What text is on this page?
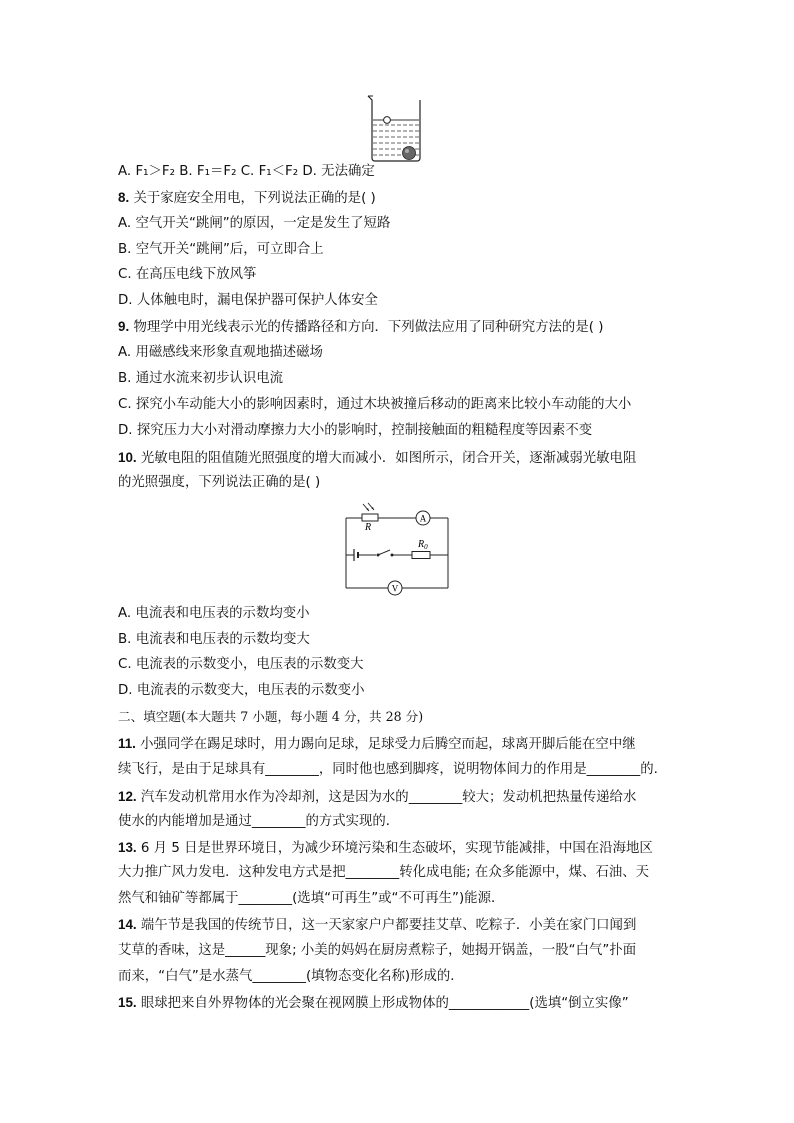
A. F₁＞F₂ B. F₁＝F₂ C. F₁＜F₂ D. 无法确定
8. 关于家庭安全用电，下列说法正确的是( )
A. 空气开关“跳闸”的原因，一定是发生了短路
B. 空气开关“跳闸”后，可立即合上
C. 在高压电线下放风筝
D. 人体触电时，漏电保护器可保护人体安全
9. 物理学中用光线表示光的传播路径和方向．下列做法应用了同种研究方法的是( )
A. 用磁感线来形象直观地描述磁场
B. 通过水流来初步认识电流
C. 探究小车动能大小的影响因素时，通过木块被撞后移动的距离来比较小车动能的大小
D. 探究压力大小对滑动摩擦力大小的影响时，控制接触面的粗糙程度等因素不变
10. 光敏电阻的阻值随光照强度的增大而减小．如图所示，闭合开关，逐渐减弱光敏电阻
的光照强度，下列说法正确的是( )
A
R
$R_0$
V
A. 电流表和电压表的示数均变小
B. 电流表和电压表的示数均变大
C. 电流表的示数变小，电压表的示数变大
D. 电流表的示数变大，电压表的示数变小
二、填空题(本大题共 7 小题，每小题 4 分，共 28 分)
11. 小强同学在踢足球时，用力踢向足球，足球受力后腾空而起，球离开脚后能在空中继
续飞行，是由于足球具有________，同时他也感到脚疼，说明物体间力的作用是________的.
12. 汽车发动机常用水作为冷却剂，这是因为水的________较大；发动机把热量传递给水
使水的内能增加是通过________的方式实现的．
13. 6 月 5 日是世界环境日，为减少环境污染和生态破坏，实现节能减排，中国在沿海地区
大力推广风力发电．这种发电方式是把________转化成电能; 在众多能源中，煤、石油、天
然气和铀矿等都属于________(选填“可再生”或“不可再生”)能源．
14. 端午节是我国的传统节日，这一天家家户户都要挂艾草、吃粽子．小美在家门口闻到
艾草的香味，这是______现象; 小美的妈妈在厨房煮粽子，她揭开锅盖，一股“白气”扑面
而来，“白气”是水蒸气________(填物态变化名称)形成的．
15. 眼球把来自外界物体的光会聚在视网膜上形成物体的____________(选填“倒立实像”
